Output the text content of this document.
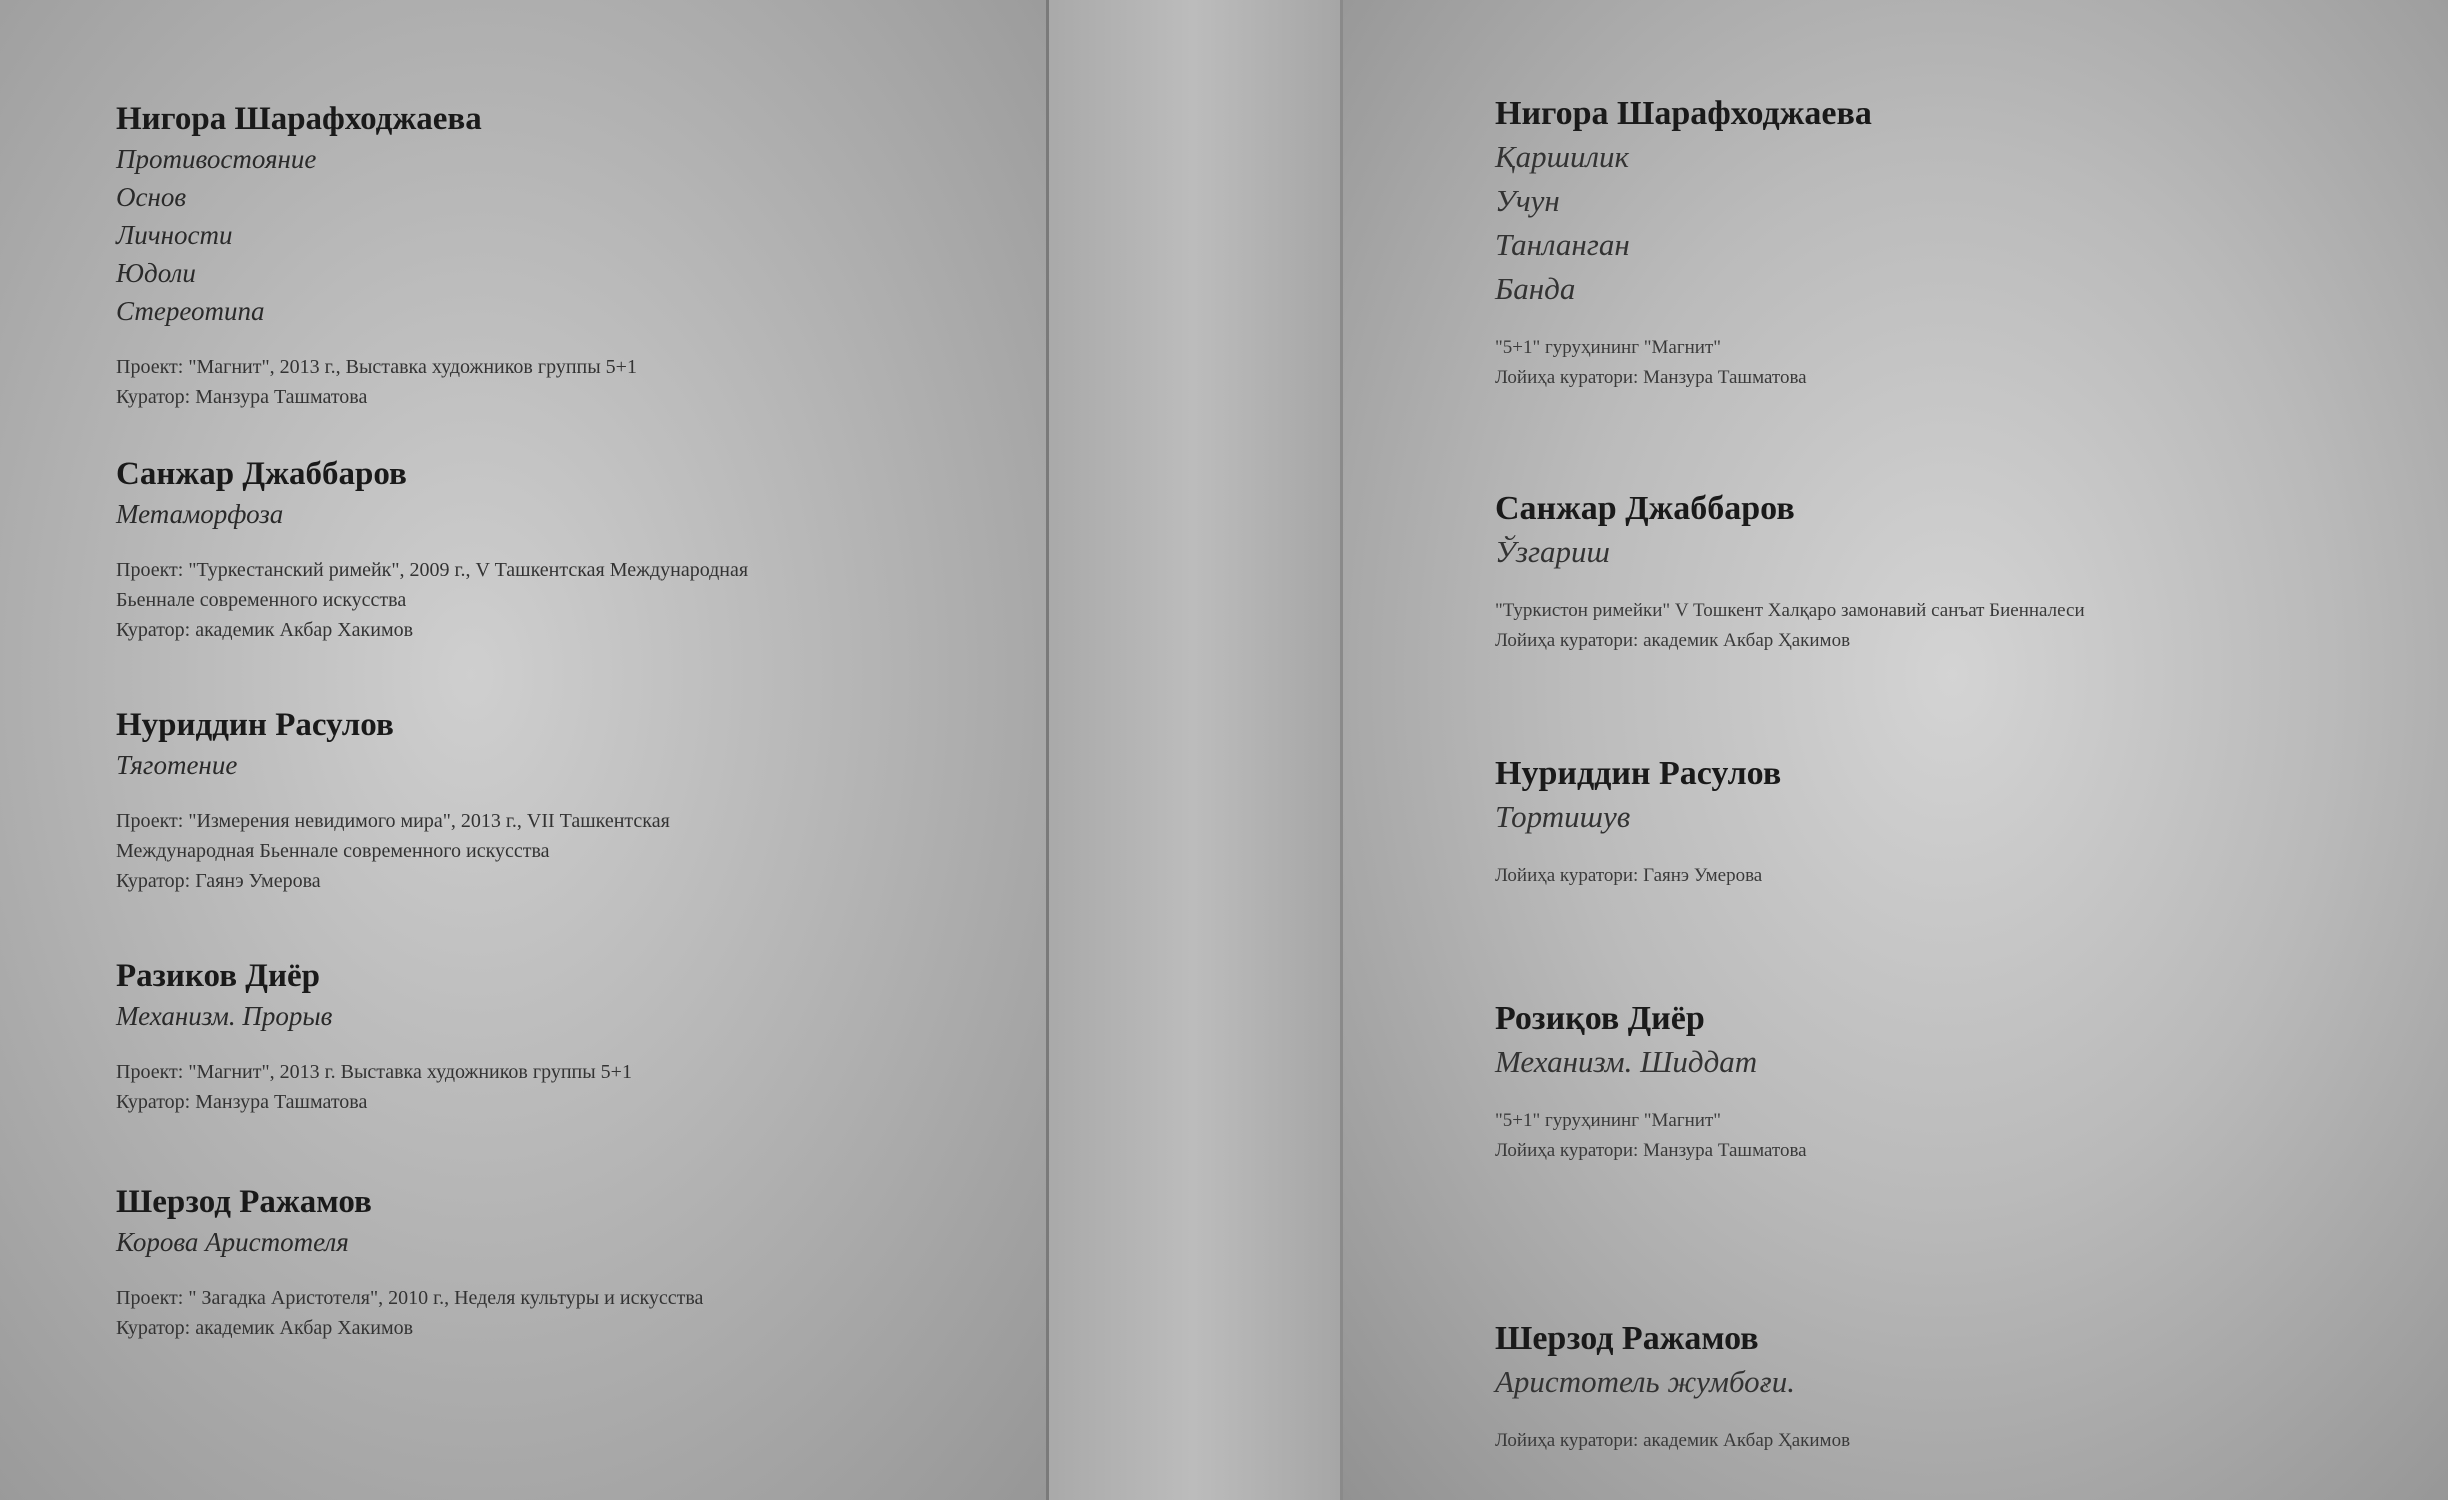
Нигора Шарафходжаева
Противостояние
Основ
Личности
Юдоли
Стереотипа
Проект: "Магнит", 2013 г., Выставка художников группы 5+1
Куратор: Манзура Ташматова
Санжар Джаббаров
Метаморфоза
Проект: "Туркестанский римейк", 2009 г., V Ташкентская Международная
Бьеннале современного искусства
Куратор: академик Акбар Хакимов
Нуриддин Расулов
Тяготение
Проект: "Измерения невидимого мира", 2013 г., VII Ташкентская
Международная Бьеннале современного искусства
Куратор: Гаянэ Умерова
Разиков Диёр
Механизм. Прорыв
Проект: "Магнит", 2013 г. Выставка художников группы 5+1
Куратор: Манзура Ташматова
Шерзод Ражамов
Корова Аристотеля
Проект: " Загадка Аристотеля", 2010 г., Неделя культуры и искусства
Куратор: академик Акбар Хакимов
Нигора Шарафходжаева
Қаршилик
Учун
Танланган
Банда
"5+1" гуруҳининг "Магнит"
Лойиҳа куратори: Манзура Ташматова
Санжар Джаббаров
Ўзгариш
"Туркистон римейки" V Тошкент Халқаро замонавий санъат Биенналеси
Лойиҳа куратори: академик Акбар Ҳакимов
Нуриддин Расулов
Тортишув
Лойиҳа куратори: Гаянэ Умерова
Розиқов Диёр
Механизм. Шиддат
"5+1" гуруҳининг "Магнит"
Лойиҳа куратори: Манзура Ташматова
Шерзод Ражамов
Аристотель жумбоғи.
Лойиҳа куратори: академик Акбар Ҳакимов
